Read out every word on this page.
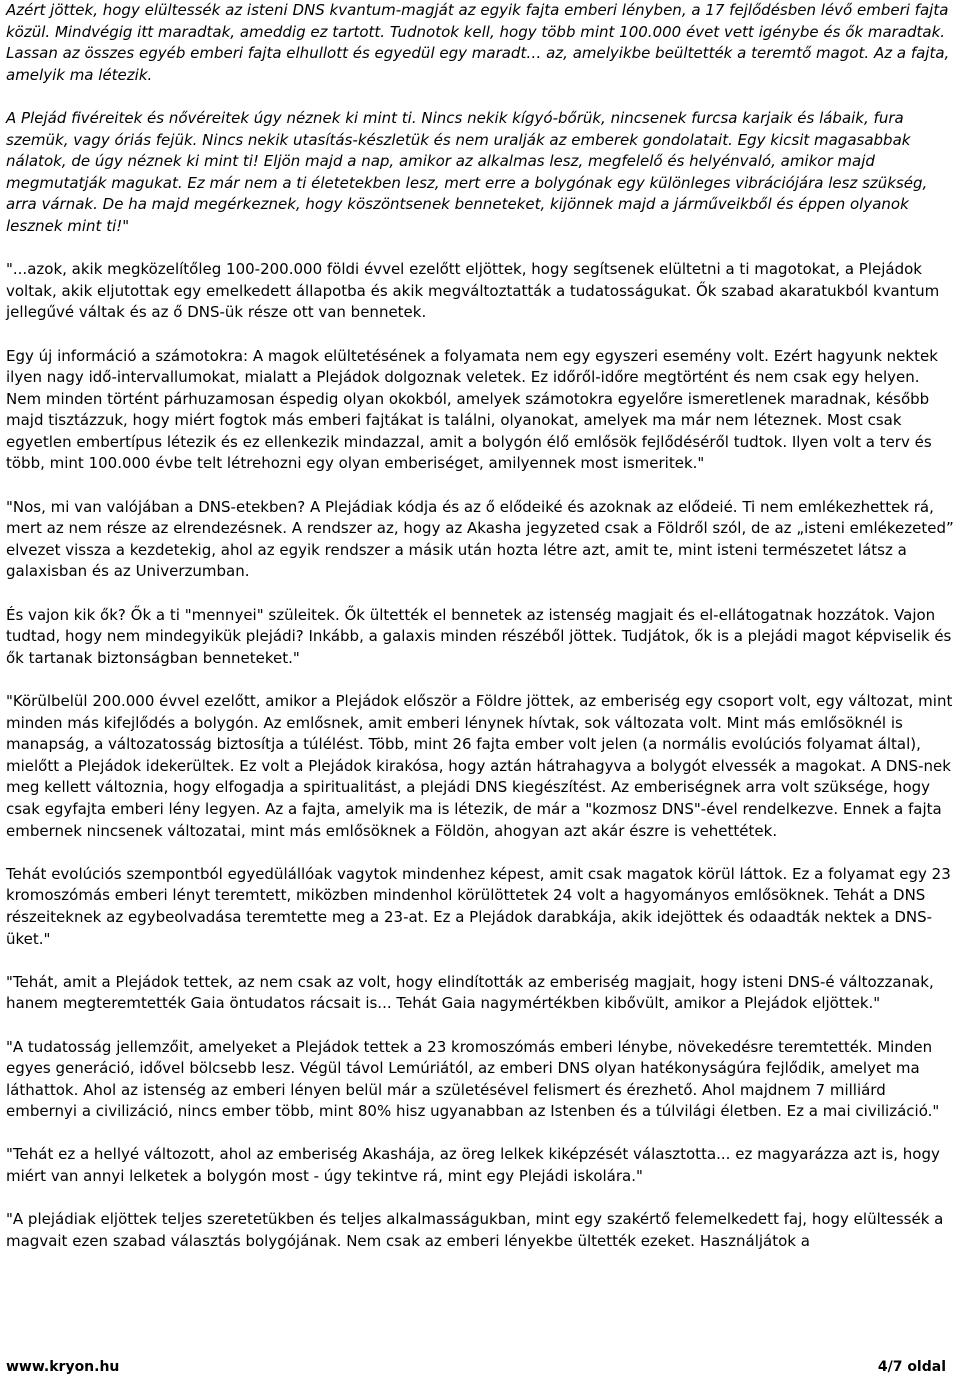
Azért jöttek, hogy elültessék az isteni DNS kvantum-magját az egyik fajta emberi lényben, a 17 fejlődésben lévő emberi fajta közül. Mindvégig itt maradtak, ameddig ez tartott. Tudnotok kell, hogy több mint 100.000 évet vett igénybe és ők maradtak. Lassan az összes egyéb emberi fajta elhullott és egyedül egy maradt… az, amelyikbe beültették a teremtő magot. Az a fajta, amelyik ma létezik.

A Plejád fivéreitek és nővéreitek úgy néznek ki mint ti. Nincs nekik kígyó-bőrük, nincsenek furcsa karjaik és lábaik, fura szemük, vagy óriás fejük. Nincs nekik utasítás-készletük és nem uralják az emberek gondolatait. Egy kicsit magasabbak nálatok, de úgy néznek ki mint ti! Eljön majd a nap, amikor az alkalmas lesz, megfelelő és helyénvaló, amikor majd megmutatják magukat. Ez már nem a ti életetekben lesz, mert erre a bolygónak egy különleges vibrációjára lesz szükség, arra várnak. De ha majd megérkeznek, hogy köszöntsenek benneteket, kijönnek majd a járműveikből és éppen olyanok lesznek mint ti!"

"...azok, akik megközelítőleg 100-200.000 földi évvel ezelőtt eljöttek, hogy segítsenek elültetni a ti magotokat, a Plejádok voltak, akik eljutottak egy emelkedett állapotba és akik megváltoztatták a tudatosságukat. Ők szabad akaratukból kvantum jellegűvé váltak és az ő DNS-ük része ott van bennetek.

Egy új információ a számotokra: A magok elültetésének a folyamata nem egy egyszeri esemény volt. Ezért hagyunk nektek ilyen nagy idő-intervallumokat, mialatt a Plejádok dolgoznak veletek. Ez időről-időre megtörtént és nem csak egy helyen. Nem minden történt párhuzamosan éspedig olyan okokból, amelyek számotokra egyelőre ismeretlenek maradnak, később majd tisztázzuk, hogy miért fogtok más emberi fajtákat is találni, olyanokat, amelyek ma már nem léteznek. Most csak egyetlen embertípus létezik és ez ellenkezik mindazzal, amit a bolygón élő emlősök fejlődéséről tudtok. Ilyen volt a terv és több, mint 100.000 évbe telt létrehozni egy olyan emberiséget, amilyennek most ismeritek."

"Nos, mi van valójában a DNS-etekben? A Plejádiak kódja és az ő elődeiké és azoknak az elődeié. Ti nem emlékezhettek rá, mert az nem része az elrendezésnek. A rendszer az, hogy az Akasha jegyzeted csak a Földről szól, de az „isteni emlékezeted” elvezet vissza a kezdetekig, ahol az egyik rendszer a másik után hozta létre azt, amit te, mint isteni természetet látsz a galaxisban és az Univerzumban.

És vajon kik ők? Ők a ti "mennyei" szüleitek. Ők ültették el bennetek az istenség magjait és el-ellátogatnak hozzátok. Vajon tudtad, hogy nem mindegyikük plejádi? Inkább, a galaxis minden részéből jöttek. Tudjátok, ők is a plejádi magot képviselik és ők tartanak biztonságban benneteket."

"Körülbelül 200.000 évvel ezelőtt, amikor a Plejádok először a Földre jöttek, az emberiség egy csoport volt, egy változat, mint minden más kifejlődés a bolygón. Az emlősnek, amit emberi lénynek hívtak, sok változata volt. Mint más emlősöknél is manapság, a változatosság biztosítja a túlélést. Több, mint 26 fajta ember volt jelen (a normális evolúciós folyamat által), mielőtt a Plejádok idekerültek. Ez volt a Plejádok kirakósa, hogy aztán hátrahagyva a bolygót elvessék a magokat. A DNS-nek meg kellett változnia, hogy elfogadja a spiritualitást, a plejádi DNS kiegészítést. Az emberiségnek arra volt szüksége, hogy csak egyfajta emberi lény legyen. Az a fajta, amelyik ma is létezik, de már a "kozmosz DNS"-ével rendelkezve. Ennek a fajta embernek nincsenek változatai, mint más emlősöknek a Földön, ahogyan azt akár észre is vehettétek.

Tehát evolúciós szempontból egyedülállóak vagytok mindenhez képest, amit csak magatok körül láttok. Ez a folyamat egy 23 kromoszómás emberi lényt teremtett, miközben mindenhol körülöttetek 24 volt a hagyományos emlősöknek. Tehát a DNS részeiteknek az egybeolvadása teremtette meg a 23-at. Ez a Plejádok darabkája, akik idejöttek és odaadták nektek a DNS-üket."

"Tehát, amit a Plejádok tettek, az nem csak az volt, hogy elindították az emberiség magjait, hogy isteni DNS-é változzanak, hanem megteremtették Gaia öntudatos rácsait is... Tehát Gaia nagymértékben kibővült, amikor a Plejádok eljöttek."

"A tudatosság jellemzőit, amelyeket a Plejádok tettek a 23 kromoszómás emberi lénybe, növekedésre teremtették. Minden egyes generáció, idővel bölcsebb lesz. Végül távol Lemúriától, az emberi DNS olyan hatékonyságúra fejlődik, amelyet ma láthattok. Ahol az istenség az emberi lényen belül már a születésével felismert és érezhető. Ahol majdnem 7 milliárd embernyi a civilizáció, nincs ember több, mint 80% hisz ugyanabban az Istenben és a túlvilági életben. Ez a mai civilizáció."

"Tehát ez a hellyé változott, ahol az emberiség Akashája, az öreg lelkek kiképzését választotta... ez magyarázza azt is, hogy miért van annyi lelketek a bolygón most - úgy tekintve rá, mint egy Plejádi iskolára."

"A plejádiak eljöttek teljes szeretetükben és teljes alkalmasságukban, mint egy szakértő felemelkedett faj, hogy elültessék a magvait ezen szabad választás bolygójának. Nem csak az emberi lényekbe ültették ezeket. Használjátok a

www.kryon.hu	4/7 oldal
